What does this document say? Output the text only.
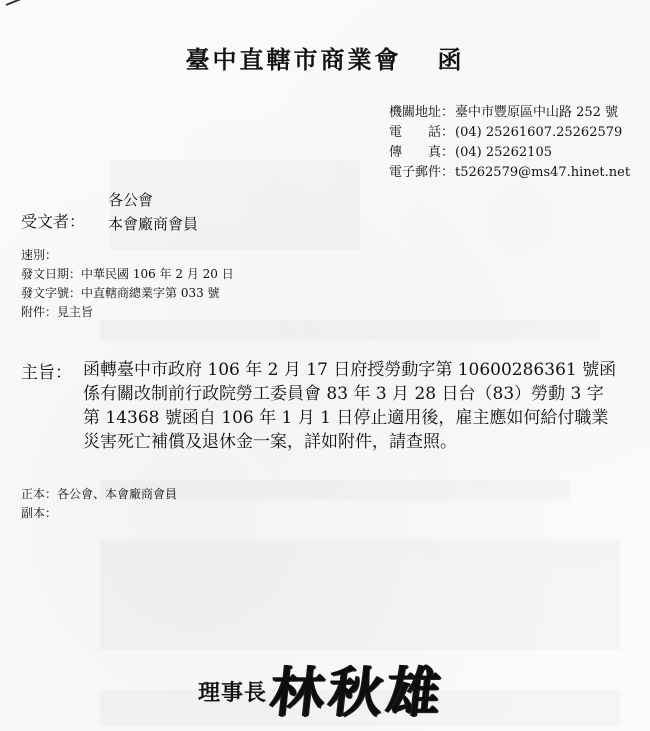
臺中直轄市商業會 函
機關地址： 臺中市豐原區中山路 252 號
電　　話： (04) 25261607.25262579
傳　　真： (04) 25262105
電子郵件： t5262579@ms47.hinet.net
受文者：
各公會
本會廠商會員
速別：
發文日期：中華民國 106 年 2 月 20 日
發文字號：中直轄商總業字第 033 號
附件：見主旨
主旨： 函轉臺中市政府 106 年 2 月 17 日府授勞動字第 10600286361 號函
係有關改制前行政院勞工委員會 83 年 3 月 28 日台（83）勞動 3 字
第 14368 號函自 106 年 1 月 1 日停止適用後，雇主應如何給付職業
災害死亡補償及退休金一案，詳如附件，請查照。
正本：各公會、本會廠商會員
副本：
理事長 林秋雄
